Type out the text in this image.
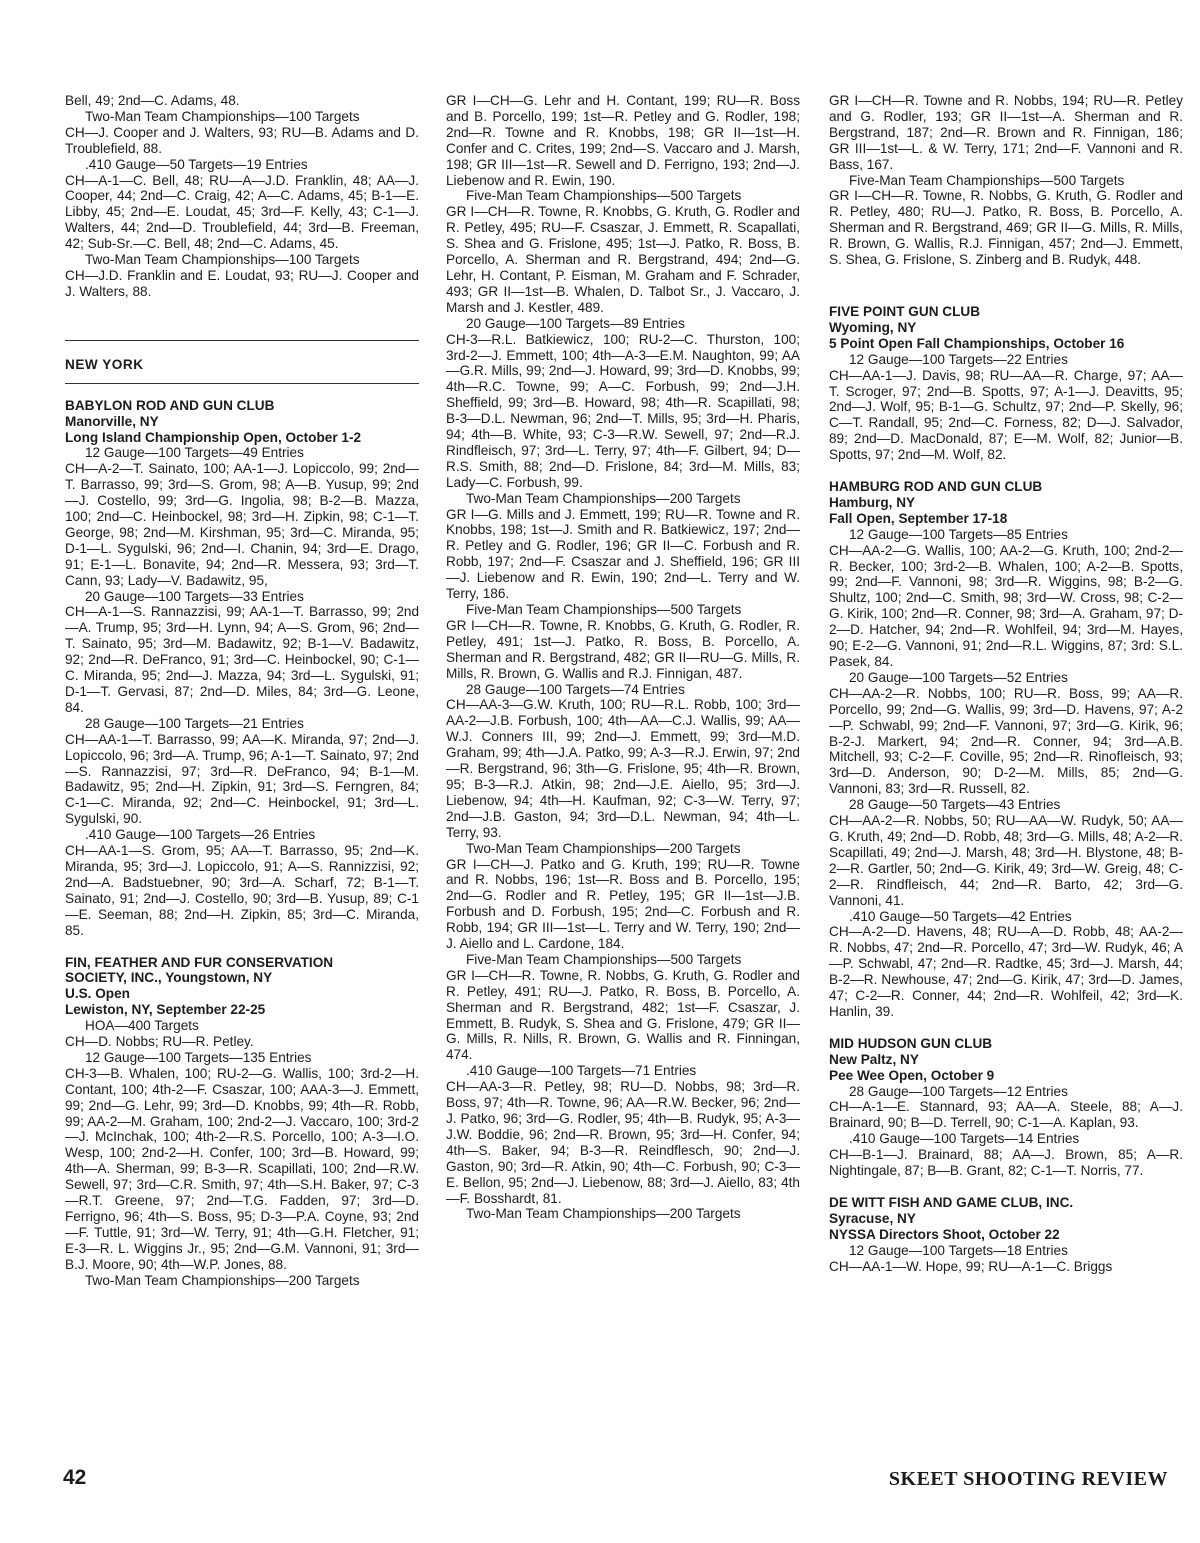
Bell, 49; 2nd—C. Adams, 48.

Two-Man Team Championships—100 Targets

CH—J. Cooper and J. Walters, 93; RU—B. Adams and D. Troublefield, 88.

.410 Gauge—50 Targets—19 Entries

CH—A-1—C. Bell, 48; RU—A—J.D. Franklin, 48; AA—J. Cooper, 44; 2nd—C. Craig, 42; A—C. Adams, 45; B-1—E. Libby, 45; 2nd—E. Loudat, 45; 3rd—F. Kelly, 43; C-1—J. Walters, 44; 2nd—D. Troublefield, 44; 3rd—B. Freeman, 42; Sub-Sr.—C. Bell, 48; 2nd—C. Adams, 45.

Two-Man Team Championships—100 Targets

CH—J.D. Franklin and E. Loudat, 93; RU—J. Cooper and J. Walters, 88.

NEW YORK

BABYLON ROD AND GUN CLUB

Manorville, NY

Long Island Championship Open, October 1-2

12 Gauge—100 Targets—49 Entries

CH—A-2—T. Sainato, 100; AA-1—J. Lopiccolo, 99; 2nd—T. Barrasso, 99; 3rd—S. Grom, 98; A—B. Yusup, 99; 2nd—J. Costello, 99; 3rd—G. Ingolia, 98; B-2—B. Mazza, 100; 2nd—C. Heinbockel, 98; 3rd—H. Zipkin, 98; C-1—T. George, 98; 2nd—M. Kirshman, 95; 3rd—C. Miranda, 95; D-1—L. Sygulski, 96; 2nd—I. Chanin, 94; 3rd—E. Drago, 91; E-1—L. Bonavite, 94; 2nd—R. Messera, 93; 3rd—T. Cann, 93; Lady—V. Badawitz, 95,

20 Gauge—100 Targets—33 Entries

CH—A-1—S. Rannazzisi, 99; AA-1—T. Barrasso, 99; 2nd—A. Trump, 95; 3rd—H. Lynn, 94; A—S. Grom, 96; 2nd—T. Sainato, 95; 3rd—M. Badawitz, 92; B-1—V. Badawitz, 92; 2nd—R. DeFranco, 91; 3rd—C. Heinbockel, 90; C-1—C. Miranda, 95; 2nd—J. Mazza, 94; 3rd—L. Sygulski, 91; D-1—T. Gervasi, 87; 2nd—D. Miles, 84; 3rd—G. Leone, 84.

28 Gauge—100 Targets—21 Entries

CH—AA-1—T. Barrasso, 99; AA—K. Miranda, 97; 2nd—J. Lopiccolo, 96; 3rd—A. Trump, 96; A-1—T. Sainato, 97; 2nd—S. Rannazzisi, 97; 3rd—R. DeFranco, 94; B-1—M. Badawitz, 95; 2nd—H. Zipkin, 91; 3rd—S. Ferngren, 84; C-1—C. Miranda, 92; 2nd—C. Heinbockel, 91; 3rd—L. Sygulski, 90.

.410 Gauge—100 Targets—26 Entries

CH—AA-1—S. Grom, 95; AA—T. Barrasso, 95; 2nd—K. Miranda, 95; 3rd—J. Lopiccolo, 91; A—S. Rannizzisi, 92; 2nd—A. Badstuebner, 90; 3rd—A. Scharf, 72; B-1—T. Sainato, 91; 2nd—J. Costello, 90; 3rd—B. Yusup, 89; C-1—E. Seeman, 88; 2nd—H. Zipkin, 85; 3rd—C. Miranda, 85.

FIN, FEATHER AND FUR CONSERVATION

SOCIETY, INC., Youngstown, NY

U.S. Open

Lewiston, NY, September 22-25

HOA—400 Targets

CH—D. Nobbs; RU—R. Petley.

12 Gauge—100 Targets—135 Entries

CH-3—B. Whalen, 100; RU-2—G. Wallis, 100; 3rd-2—H. Contant, 100; 4th-2—F. Csaszar, 100; AAA-3—J. Emmett, 99; 2nd—G. Lehr, 99; 3rd—D. Knobbs, 99; 4th—R. Robb, 99; AA-2—M. Graham, 100; 2nd-2—J. Vaccaro, 100; 3rd-2 —J. McInchak, 100; 4th-2—R.S. Porcello, 100; A-3—I.O. Wesp, 100; 2nd-2—H. Confer, 100; 3rd—B. Howard, 99; 4th—A. Sherman, 99; B-3—R. Scapillati, 100; 2nd—R.W. Sewell, 97; 3rd—C.R. Smith, 97; 4th—S.H. Baker, 97; C-3—R.T. Greene, 97; 2nd—T.G. Fadden, 97; 3rd—D. Ferrigno, 96; 4th—S. Boss, 95; D-3—P.A. Coyne, 93; 2nd—F. Tuttle, 91; 3rd—W. Terry, 91; 4th—G.H. Fletcher, 91; E-3—R. L. Wiggins Jr., 95; 2nd—G.M. Vannoni, 91; 3rd—B.J. Moore, 90; 4th—W.P. Jones, 88.

Two-Man Team Championships—200 Targets

GR I—CH—G. Lehr and H. Contant, 199; RU—R. Boss and B. Porcello, 199; 1st—R. Petley and G. Rodler, 198; 2nd—R. Towne and R. Knobbs, 198; GR II—1st—H. Confer and C. Crites, 199; 2nd—S. Vaccaro and J. Marsh, 198; GR III—1st—R. Sewell and D. Ferrigno, 193; 2nd—J. Liebenow and R. Ewin, 190.

Five-Man Team Championships—500 Targets

GR I—CH—R. Towne, R. Knobbs, G. Kruth, G. Rodler and R. Petley, 495; RU—F. Csaszar, J. Emmett, R. Scapallati, S. Shea and G. Frislone, 495; 1st—J. Patko, R. Boss, B. Porcello, A. Sherman and R. Bergstrand, 494; 2nd—G. Lehr, H. Contant, P. Eisman, M. Graham and F. Schrader, 493; GR II—1st—B. Whalen, D. Talbot Sr., J. Vaccaro, J. Marsh and J. Kestler, 489.

20 Gauge—100 Targets—89 Entries

CH-3—R.L. Batkiewicz, 100; RU-2—C. Thurston, 100; 3rd-2—J. Emmett, 100; 4th—A-3—E.M. Naughton, 99; AA—G.R. Mills, 99; 2nd—J. Howard, 99; 3rd—D. Knobbs, 99; 4th—R.C. Towne, 99; A—C. Forbush, 99; 2nd—J.H. Sheffield, 99; 3rd—B. Howard, 98; 4th—R. Scapillati, 98; B-3—D.L. Newman, 96; 2nd—T. Mills, 95; 3rd—H. Pharis, 94; 4th—B. White, 93; C-3—R.W. Sewell, 97; 2nd—R.J. Rindfleisch, 97; 3rd—L. Terry, 97; 4th—F. Gilbert, 94; D—R.S. Smith, 88; 2nd—D. Frislone, 84; 3rd—M. Mills, 83; Lady—C. Forbush, 99.

Two-Man Team Championships—200 Targets

GR I—G. Mills and J. Emmett, 199; RU—R. Towne and R. Knobbs, 198; 1st—J. Smith and R. Batkiewicz, 197; 2nd—R. Petley and G. Rodler, 196; GR II—C. Forbush and R. Robb, 197; 2nd—F. Csaszar and J. Sheffield, 196; GR III—J. Liebenow and R. Ewin, 190; 2nd—L. Terry and W. Terry, 186.

Five-Man Team Championships—500 Targets

GR I—CH—R. Towne, R. Knobbs, G. Kruth, G. Rodler, R. Petley, 491; 1st—J. Patko, R. Boss, B. Porcello, A. Sherman and R. Bergstrand, 482; GR II—RU—G. Mills, R. Mills, R. Brown, G. Wallis and R.J. Finnigan, 487.

28 Gauge—100 Targets—74 Entries

CH—AA-3—G.W. Kruth, 100; RU—R.L. Robb, 100; 3rd—AA-2—J.B. Forbush, 100; 4th—AA—C.J. Wallis, 99; AA—W.J. Conners III, 99; 2nd—J. Emmett, 99; 3rd—M.D. Graham, 99; 4th—J.A. Patko, 99; A-3—R.J. Erwin, 97; 2nd—R. Bergstrand, 96; 3th—G. Frislone, 95; 4th—R. Brown, 95; B-3—R.J. Atkin, 98; 2nd—J.E. Aiello, 95; 3rd—J. Liebenow, 94; 4th—H. Kaufman, 92; C-3—W. Terry, 97; 2nd—J.B. Gaston, 94; 3rd—D.L. Newman, 94; 4th—L. Terry, 93.

Two-Man Team Championships—200 Targets

GR I—CH—J. Patko and G. Kruth, 199; RU—R. Towne and R. Nobbs, 196; 1st—R. Boss and B. Porcello, 195; 2nd—G. Rodler and R. Petley, 195; GR II—1st—J.B. Forbush and D. Forbush, 195; 2nd—C. Forbush and R. Robb, 194; GR III—1st—L. Terry and W. Terry, 190; 2nd—J. Aiello and L. Cardone, 184.

Five-Man Team Championships—500 Targets

GR I—CH—R. Towne, R. Nobbs, G. Kruth, G. Rodler and R. Petley, 491; RU—J. Patko, R. Boss, B. Porcello, A. Sherman and R. Bergstrand, 482; 1st—F. Csaszar, J. Emmett, B. Rudyk, S. Shea and G. Frislone, 479; GR II—G. Mills, R. Nills, R. Brown, G. Wallis and R. Finningan, 474.

.410 Gauge—100 Targets—71 Entries

CH—AA-3—R. Petley, 98; RU—D. Nobbs, 98; 3rd—R. Boss, 97; 4th—R. Towne, 96; AA—R.W. Becker, 96; 2nd—J. Patko, 96; 3rd—G. Rodler, 95; 4th—B. Rudyk, 95; A-3—J.W. Boddie, 96; 2nd—R. Brown, 95; 3rd—H. Confer, 94; 4th—S. Baker, 94; B-3—R. Reindflesch, 90; 2nd—J. Gaston, 90; 3rd—R. Atkin, 90; 4th—C. Forbush, 90; C-3—E. Bellon, 95; 2nd—J. Liebenow, 88; 3rd—J. Aiello, 83; 4th—F. Bosshardt, 81.

Two-Man Team Championships—200 Targets

GR I—CH—R. Towne and R. Nobbs, 194; RU—R. Petley and G. Rodler, 193; GR II—1st—A. Sherman and R. Bergstrand, 187; 2nd—R. Brown and R. Finnigan, 186; GR III—1st—L. & W. Terry, 171; 2nd—F. Vannoni and R. Bass, 167.

Five-Man Team Championships—500 Targets

GR I—CH—R. Towne, R. Nobbs, G. Kruth, G. Rodler and R. Petley, 480; RU—J. Patko, R. Boss, B. Porcello, A. Sherman and R. Bergstrand, 469; GR II—G. Mills, R. Mills, R. Brown, G. Wallis, R.J. Finnigan, 457; 2nd—J. Emmett, S. Shea, G. Frislone, S. Zinberg and B. Rudyk, 448.

FIVE POINT GUN CLUB

Wyoming, NY

5 Point Open Fall Championships, October 16

12 Gauge—100 Targets—22 Entries

CH—AA-1—J. Davis, 98; RU—AA—R. Charge, 97; AA—T. Scroger, 97; 2nd—B. Spotts, 97; A-1—J. Deavitts, 95; 2nd—J. Wolf, 95; B-1—G. Schultz, 97; 2nd—P. Skelly, 96; C—T. Randall, 95; 2nd—C. Forness, 82; D—J. Salvador, 89; 2nd—D. MacDonald, 87; E—M. Wolf, 82; Junior—B. Spotts, 97; 2nd—M. Wolf, 82.

HAMBURG ROD AND GUN CLUB

Hamburg, NY

Fall Open, September 17-18

12 Gauge—100 Targets—85 Entries

CH—AA-2—G. Wallis, 100; AA-2—G. Kruth, 100; 2nd-2—R. Becker, 100; 3rd-2—B. Whalen, 100; A-2—B. Spotts, 99; 2nd—F. Vannoni, 98; 3rd—R. Wiggins, 98; B-2—G. Shultz, 100; 2nd—C. Smith, 98; 3rd—W. Cross, 98; C-2—G. Kirik, 100; 2nd—R. Conner, 98; 3rd—A. Graham, 97; D-2—D. Hatcher, 94; 2nd—R. Wohlfeil, 94; 3rd—M. Hayes, 90; E-2—G. Vannoni, 91; 2nd—R.L. Wiggins, 87; 3rd: S.L. Pasek, 84.

20 Gauge—100 Targets—52 Entries

CH—AA-2—R. Nobbs, 100; RU—R. Boss, 99; AA—R. Porcello, 99; 2nd—G. Wallis, 99; 3rd—D. Havens, 97; A-2—P. Schwabl, 99; 2nd—F. Vannoni, 97; 3rd—G. Kirik, 96; B-2-J. Markert, 94; 2nd—R. Conner, 94; 3rd—A.B. Mitchell, 93; C-2—F. Coville, 95; 2nd—R. Rinofleisch, 93; 3rd—D. Anderson, 90; D-2—M. Mills, 85; 2nd—G. Vannoni, 83; 3rd—R. Russell, 82.

28 Gauge—50 Targets—43 Entries

CH—AA-2—R. Nobbs, 50; RU—AA—W. Rudyk, 50; AA—G. Kruth, 49; 2nd—D. Robb, 48; 3rd—G. Mills, 48; A-2—R. Scapillati, 49; 2nd—J. Marsh, 48; 3rd—H. Blystone, 48; B-2—R. Gartler, 50; 2nd—G. Kirik, 49; 3rd—W. Greig, 48; C-2—R. Rindfleisch, 44; 2nd—R. Barto, 42; 3rd—G. Vannoni, 41.

.410 Gauge—50 Targets—42 Entries

CH—A-2—D. Havens, 48; RU—A—D. Robb, 48; AA-2—R. Nobbs, 47; 2nd—R. Porcello, 47; 3rd—W. Rudyk, 46; A—P. Schwabl, 47; 2nd—R. Radtke, 45; 3rd—J. Marsh, 44; B-2—R. Newhouse, 47; 2nd—G. Kirik, 47; 3rd—D. James, 47; C-2—R. Conner, 44; 2nd—R. Wohlfeil, 42; 3rd—K. Hanlin, 39.

MID HUDSON GUN CLUB

New Paltz, NY

Pee Wee Open, October 9

28 Gauge—100 Targets—12 Entries

CH—A-1—E. Stannard, 93; AA—A. Steele, 88; A—J. Brainard, 90; B—D. Terrell, 90; C-1—A. Kaplan, 93.

.410 Gauge—100 Targets—14 Entries

CH—B-1—J. Brainard, 88; AA—J. Brown, 85; A—R. Nightingale, 87; B—B. Grant, 82; C-1—T. Norris, 77.

DE WITT FISH AND GAME CLUB, INC.

Syracuse, NY

NYSSA Directors Shoot, October 22

12 Gauge—100 Targets—18 Entries

CH—AA-1—W. Hope, 99; RU—A-1—C. Briggs

42	SKEET SHOOTING REVIEW
